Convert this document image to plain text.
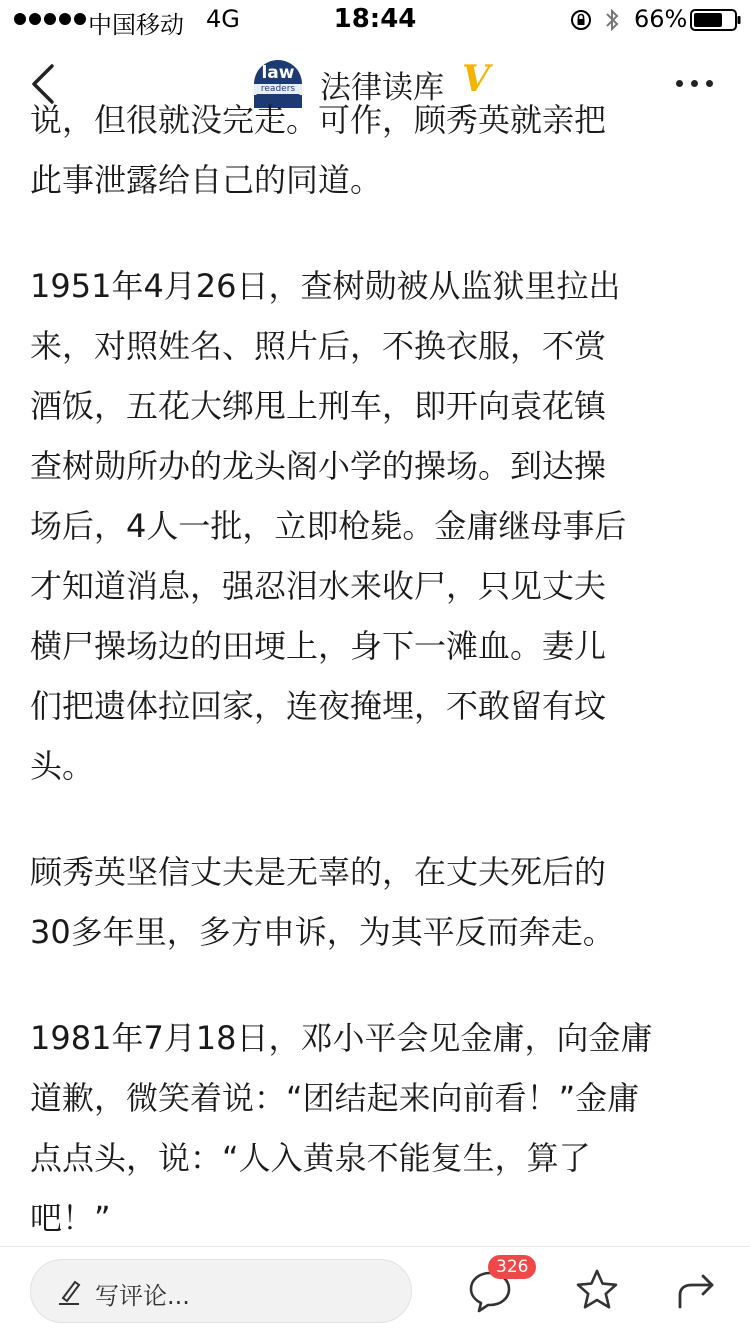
中国移动 4G	18:44	66%
law
readers 法律读库 V

说，但很就没完走。可作，顾秀英就亲把
此事泄露给自己的同道。

1951年4月26日，查树勋被从监狱里拉出
来，对照姓名、照片后，不换衣服，不赏
酒饭，五花大绑甩上刑车，即开向袁花镇
查树勋所办的龙头阁小学的操场。到达操
场后，4人一批，立即枪毙。金庸继母事后
才知道消息，强忍泪水来收尸，只见丈夫
横尸操场边的田埂上，身下一滩血。妻儿
们把遗体拉回家，连夜掩埋，不敢留有坟
头。

顾秀英坚信丈夫是无辜的，在丈夫死后的
30多年里，多方申诉，为其平反而奔走。

1981年7月18日，邓小平会见金庸，向金庸
道歉，微笑着说：“团结起来向前看！”金庸
点点头，说：“人入黄泉不能复生，算了
吧！”

写评论...
326
